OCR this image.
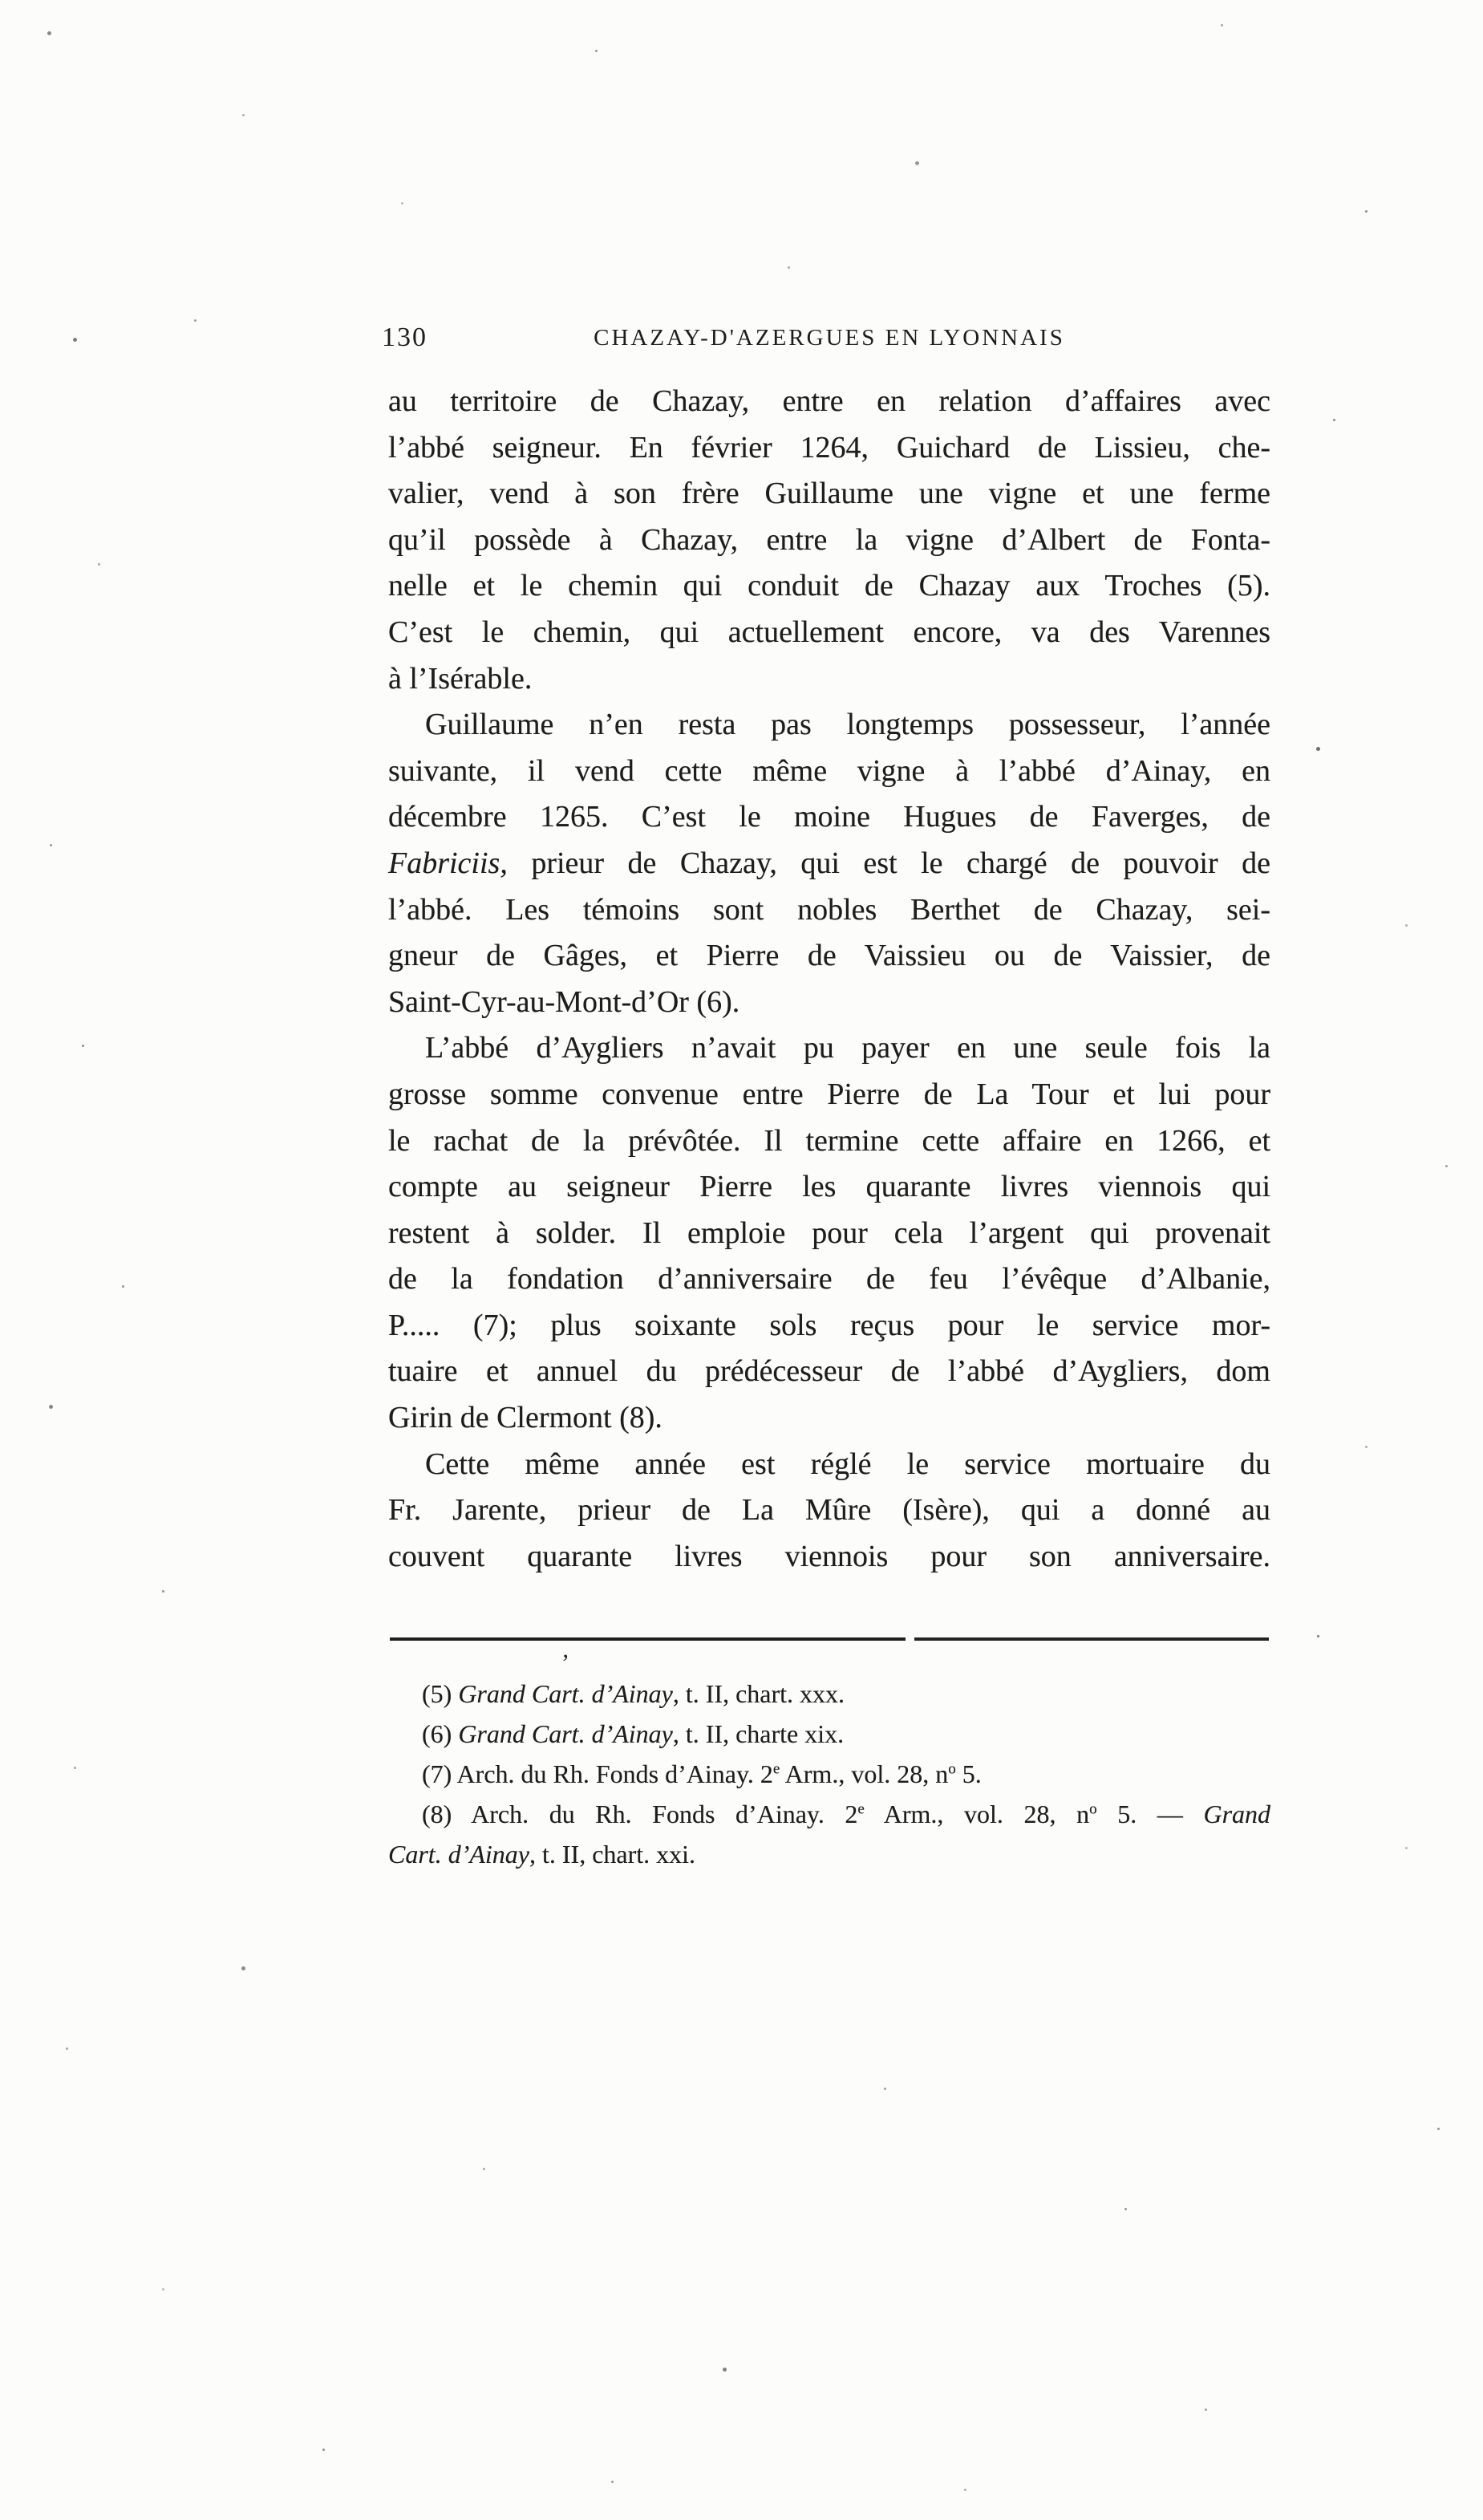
130	CHAZAY-D'AZERGUES EN LYONNAIS
au territoire de Chazay, entre en relation d’affaires avec
l’abbé seigneur. En février 1264, Guichard de Lissieu, che-
valier, vend à son frère Guillaume une vigne et une ferme
qu’il possède à Chazay, entre la vigne d’Albert de Fonta-
nelle et le chemin qui conduit de Chazay aux Troches (5).
C’est le chemin, qui actuellement encore, va des Varennes
à l’Isérable.
Guillaume n’en resta pas longtemps possesseur, l’année
suivante, il vend cette même vigne à l’abbé d’Ainay, en
décembre 1265. C’est le moine Hugues de Faverges, de
Fabriciis, prieur de Chazay, qui est le chargé de pouvoir de
l’abbé. Les témoins sont nobles Berthet de Chazay, sei-
gneur de Gâges, et Pierre de Vaissieu ou de Vaissier, de
Saint-Cyr-au-Mont-d’Or (6).
L’abbé d’Aygliers n’avait pu payer en une seule fois la
grosse somme convenue entre Pierre de La Tour et lui pour
le rachat de la prévôtée. Il termine cette affaire en 1266, et
compte au seigneur Pierre les quarante livres viennois qui
restent à solder. Il emploie pour cela l’argent qui provenait
de la fondation d’anniversaire de feu l’évêque d’Albanie,
P..... (7); plus soixante sols reçus pour le service mor-
tuaire et annuel du prédécesseur de l’abbé d’Aygliers, dom
Girin de Clermont (8).
Cette même année est réglé le service mortuaire du
Fr. Jarente, prieur de La Mûre (Isère), qui a donné au
couvent quarante livres viennois pour son anniversaire.
’
(5) Grand Cart. d’Ainay, t. II, chart. xxx.
(6) Grand Cart. d’Ainay, t. II, charte xix.
(7) Arch. du Rh. Fonds d’Ainay. 2e Arm., vol. 28, $n^o$ 5.
(8) Arch. du Rh. Fonds d’Ainay. 2e Arm., vol. 28, $n^o$ 5. — Grand
Cart. d’Ainay, t. II, chart. xxi.
